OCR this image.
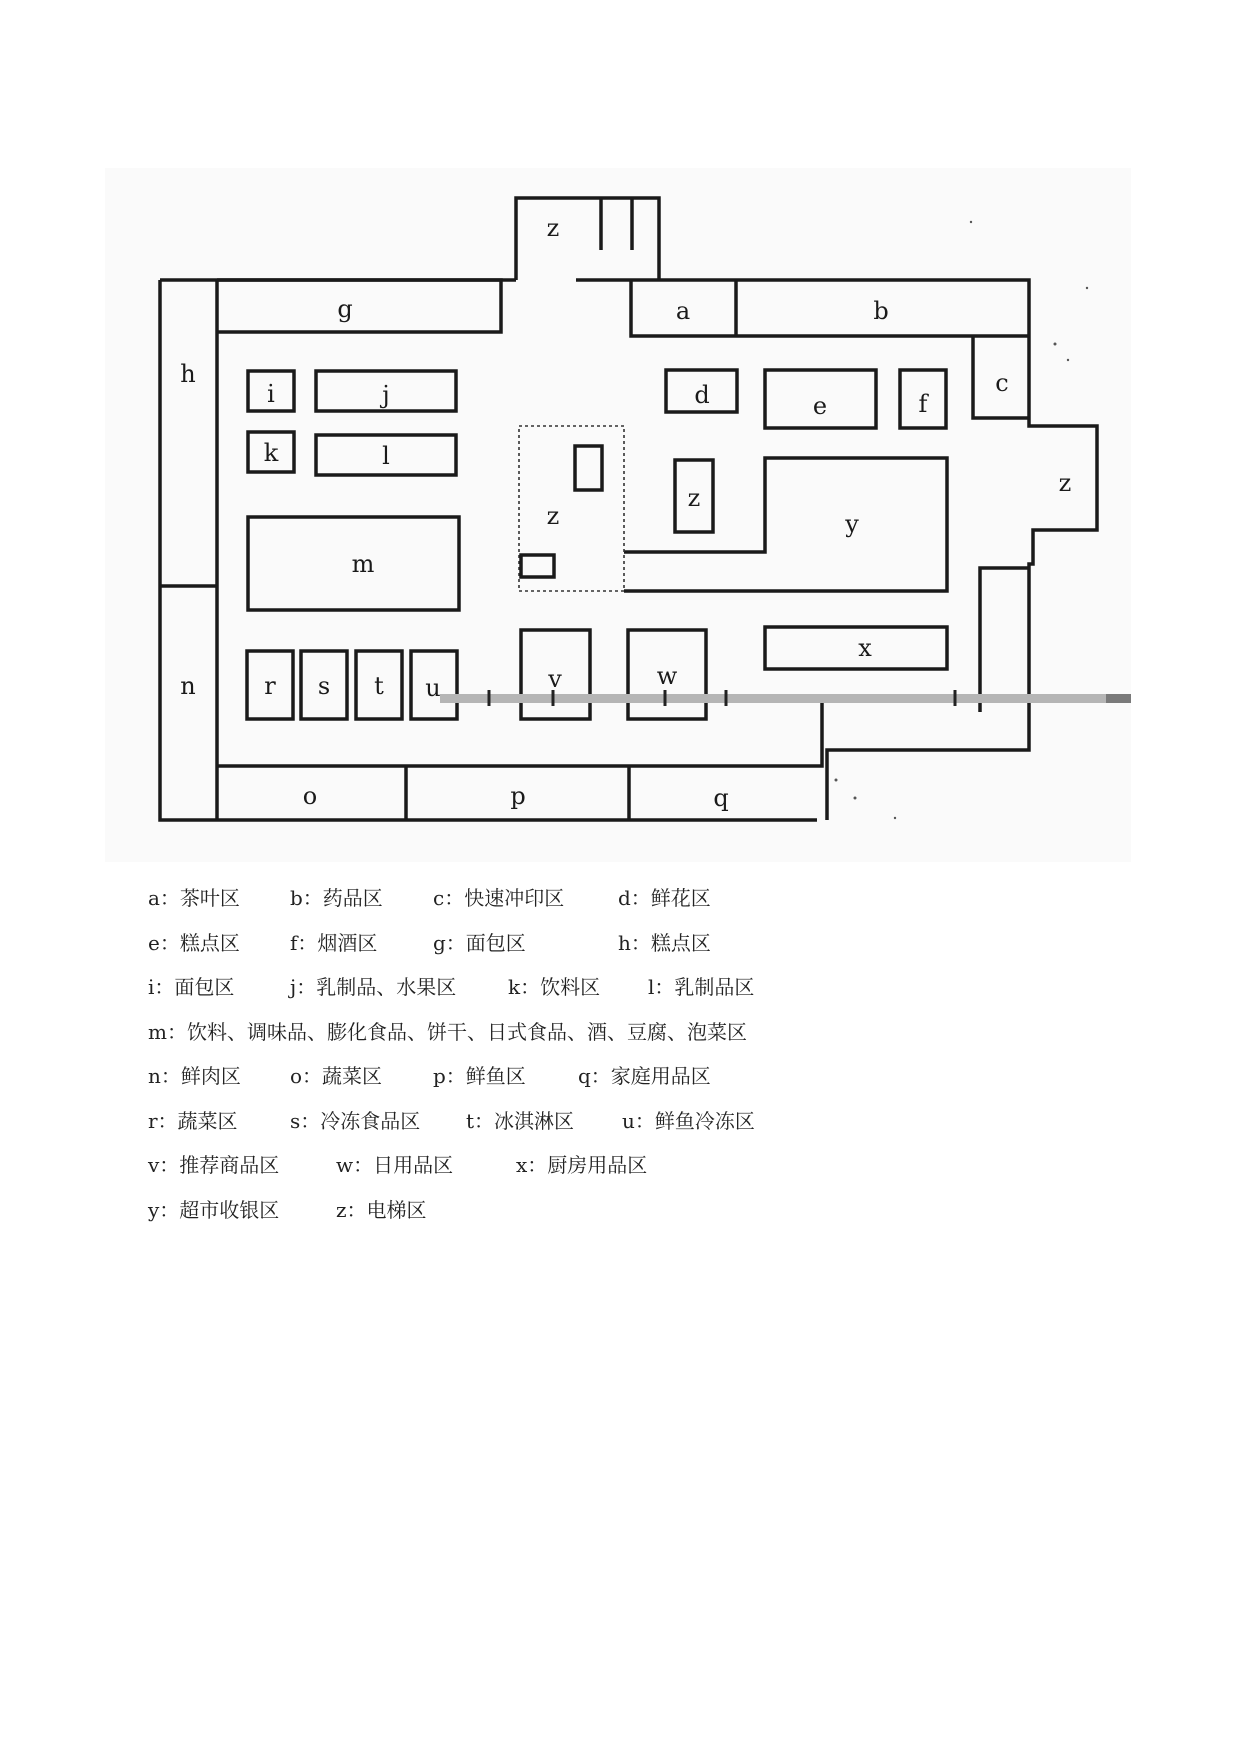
z
g	a	b
h	c
i	j	d	e	f
k	l
z
z
z	y
m
n
x
v	w
r s t u
o	p	q
a：茶叶区	b：药品区	c：快速冲印区	d：鲜花区
e：糕点区	f：烟酒区	g：面包区	h：糕点区
i：面包区	j：乳制品、水果区	k：饮料区 l：乳制品区
m：饮料、调味品、膨化食品、饼干、日式食品、酒、豆腐、泡菜区
n：鲜肉区 o：蔬菜区	p：鲜鱼区	q：家庭用品区
r：蔬菜区	s：冷冻食品区 t：冰淇淋区 u：鲜鱼冷冻区
v：推荐商品区	w：日用品区	x：厨房用品区
y：超市收银区	z：电梯区
